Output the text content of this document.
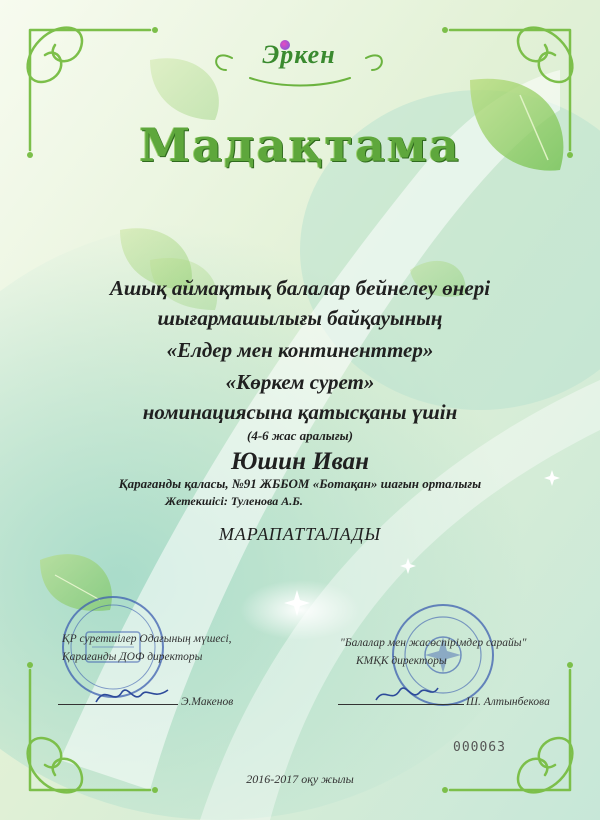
Эркен
Мадақтама
Ашық аймақтық балалар бейнелеу өнері
шығармашылығы байқауының
«Елдер мен континенттер»
«Көркем сурет»
номинациясына қатысқаны үшін
(4-6 жас аралығы)
Юшин Иван
Қарағанды қаласы, №91 ЖББОМ «Ботақан» шағын орталығы
Жетекшісі: Туленова А.Б.
МАРАПАТТАЛАДЫ
ҚР суретшілер Одағының мүшесі,
Қарағанды ДОФ директоры
Э.Макенов
"Балалар мен жасөспірімдер сарайы"
КМҚК директоры
Ш. Алтынбекова
000063
2016-2017 оқу жылы
